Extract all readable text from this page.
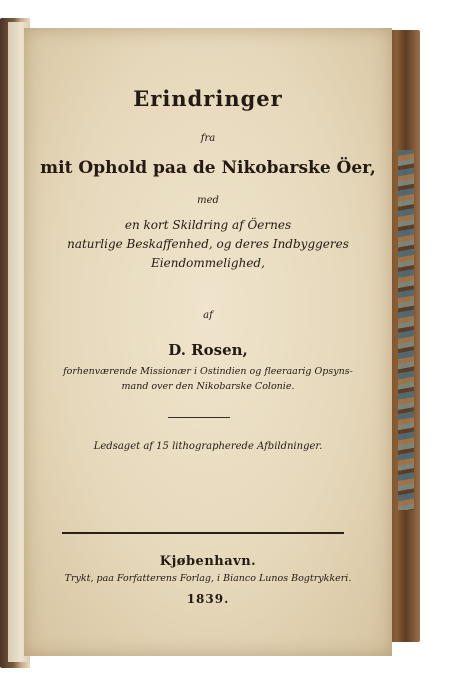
Erindringer
fra
mit Ophold paa de Nikobarske Öer,
med
en kort Skildring af Öernes
naturlige Beskaffenhed, og deres Indbyggeres
Eiendommelighed,
af
D. Rosen,
forhenværende Missionær i Ostindien og fleeraarig Opsyns-
mand over den Nikobarske Colonie.
Ledsaget af 15 lithographerede Afbildninger.
Kjøbenhavn.
Trykt, paa Forfatterens Forlag, i Bianco Lunos Bogtrykkeri.
1839.
